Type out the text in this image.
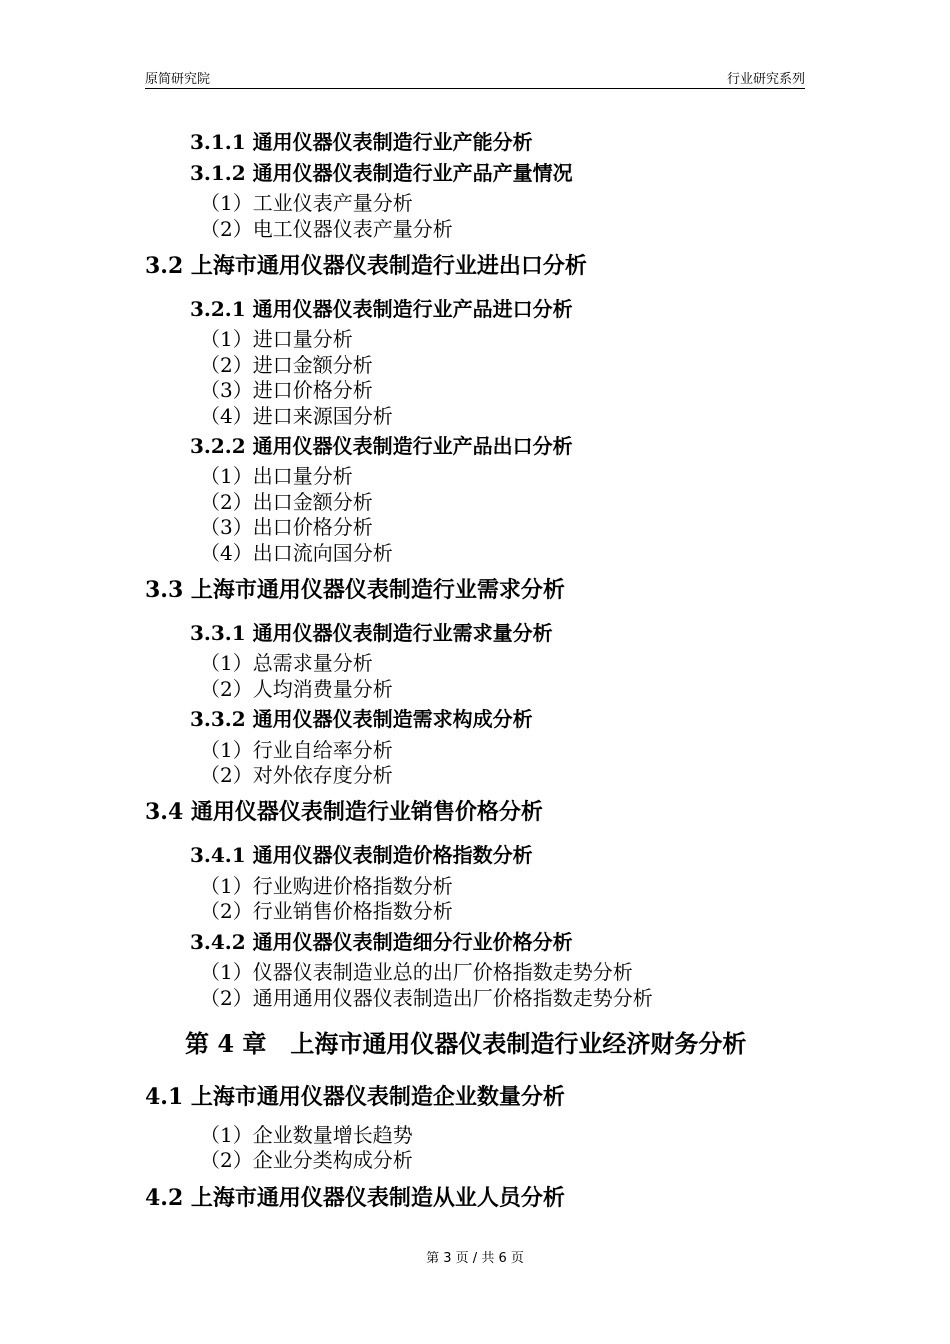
原简研究院	行业研究系列
3.1.1 通用仪器仪表制造行业产能分析
3.1.2 通用仪器仪表制造行业产品产量情况
（1）工业仪表产量分析
（2）电工仪器仪表产量分析
3.2 上海市通用仪器仪表制造行业进出口分析
3.2.1 通用仪器仪表制造行业产品进口分析
（1）进口量分析
（2）进口金额分析
（3）进口价格分析
（4）进口来源国分析
3.2.2 通用仪器仪表制造行业产品出口分析
（1）出口量分析
（2）出口金额分析
（3）出口价格分析
（4）出口流向国分析
3.3 上海市通用仪器仪表制造行业需求分析
3.3.1 通用仪器仪表制造行业需求量分析
（1）总需求量分析
（2）人均消费量分析
3.3.2 通用仪器仪表制造需求构成分析
（1）行业自给率分析
（2）对外依存度分析
3.4 通用仪器仪表制造行业销售价格分析
3.4.1 通用仪器仪表制造价格指数分析
（1）行业购进价格指数分析
（2）行业销售价格指数分析
3.4.2 通用仪器仪表制造细分行业价格分析
（1）仪器仪表制造业总的出厂价格指数走势分析
（2）通用通用仪器仪表制造出厂价格指数走势分析
第 4 章　上海市通用仪器仪表制造行业经济财务分析
4.1 上海市通用仪器仪表制造企业数量分析
（1）企业数量增长趋势
（2）企业分类构成分析
4.2 上海市通用仪器仪表制造从业人员分析
第 3 页 / 共 6 页
